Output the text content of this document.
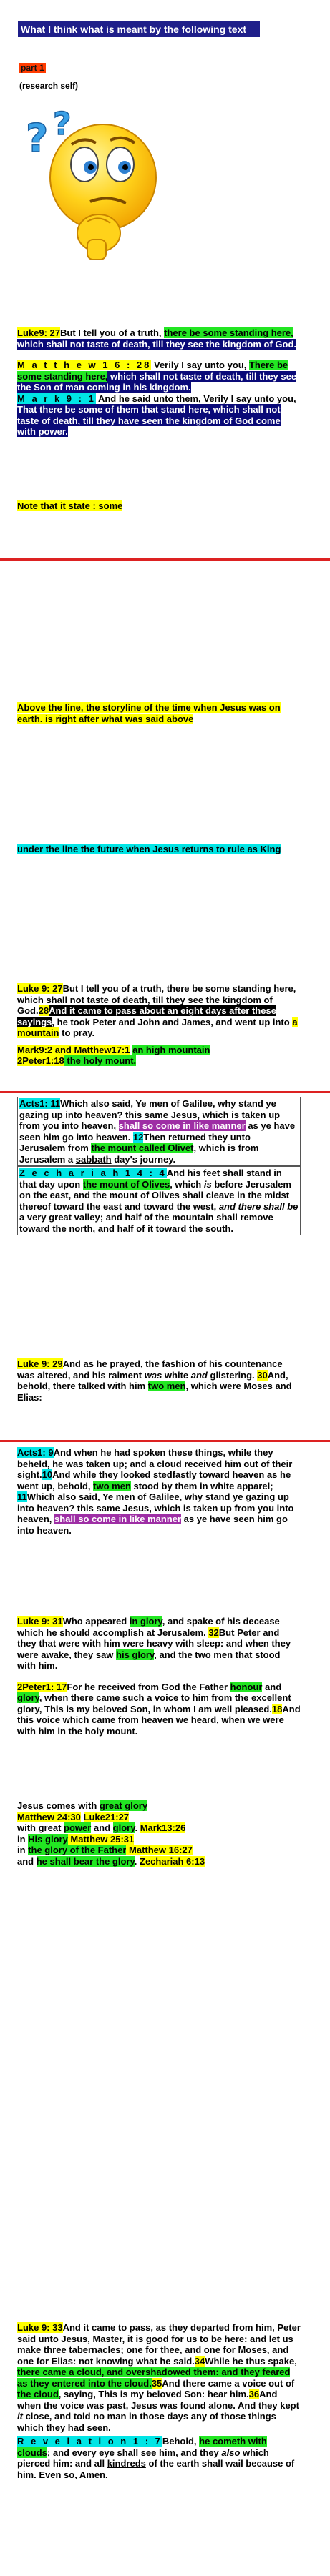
What I think what is meant by the following text
part 1
(research self)
? ?

Luke9: 27But I tell you of a truth, there be some standing here, which shall not taste of death, till they see the kingdom of God.

M a t t h e w 1 6 : 28 Verily I say unto you, There be some standing here, which shall not taste of death, till they see the Son of man coming in his kingdom.

M a r k 9 : 1 And he said unto them, Verily I say unto you, That there be some of them that stand here, which shall not taste of death, till they have seen the kingdom of God come with power.

Note that it state : some
Above the line, the storyline of the time when Jesus was on earth. is right after what was said above
under the line the future when Jesus returns to rule as King

Luke 9: 27But I tell you of a truth, there be some standing here, which shall not taste of death, till they see the kingdom of God.28And it came to pass about an eight days after these sayings, he took Peter and John and James, and went up into a mountain to pray.

Mark9:2 and Matthew17:1 an high mountain

2Peter1:18 the holy mount.

Acts1: 11Which also said, Ye men of Galilee, why stand ye gazing up into heaven? this same Jesus, which is taken up from you into heaven, shall so come in like manner as ye have seen him go into heaven. 12Then returned they unto Jerusalem from the mount called Olivet, which is from Jerusalem a sabbath day's journey.

Z e c h a r i a h 1 4 : 4And his feet shall stand in that day upon the mount of Olives, which is before Jerusalem on the east, and the mount of Olives shall cleave in the midst thereof toward the east and toward the west, and there shall be a very great valley; and half of the mountain shall remove toward the north, and half of it toward the south.

Luke 9: 29And as he prayed, the fashion of his countenance was altered, and his raiment was white and glistering. 30And, behold, there talked with him two men, which were Moses and Elias:

Acts1: 9And when he had spoken these things, while they beheld, he was taken up; and a cloud received him out of their sight.10And while they looked stedfastly toward heaven as he went up, behold, two men stood by them in white apparel; 11Which also said, Ye men of Galilee, why stand ye gazing up into heaven? this same Jesus, which is taken up from you into heaven, shall so come in like manner as ye have seen him go into heaven.

Luke 9: 31Who appeared in glory, and spake of his decease which he should accomplish at Jerusalem. 32But Peter and they that were with him were heavy with sleep: and when they were awake, they saw his glory, and the two men that stood with him.

2Peter1: 17For he received from God the Father honour and glory, when there came such a voice to him from the excellent glory, This is my beloved Son, in whom I am well pleased.18And this voice which came from heaven we heard, when we were with him in the holy mount.

Jesus comes with great glory

Matthew 24:30 Luke21:27

with great power and glory. Mark13:26

in His glory Matthew 25:31

in the glory of the Father Matthew 16:27

and he shall bear the glory. Zechariah 6:13

Luke 9: 33And it came to pass, as they departed from him, Peter said unto Jesus, Master, it is good for us to be here: and let us make three tabernacles; one for thee, and one for Moses, and one for Elias: not knowing what he said.34While he thus spake, there came a cloud, and overshadowed them: and they feared as they entered into the cloud.35And there came a voice out of the cloud, saying, This is my beloved Son: hear him.36And when the voice was past, Jesus was found alone. And they kept it close, and told no man in those days any of those things which they had seen.

R e v e l a t i o n 1 : 7Behold, he cometh with clouds; and every eye shall see him, and they also which pierced him: and all kindreds of the earth shall wail because of him. Even so, Amen.
